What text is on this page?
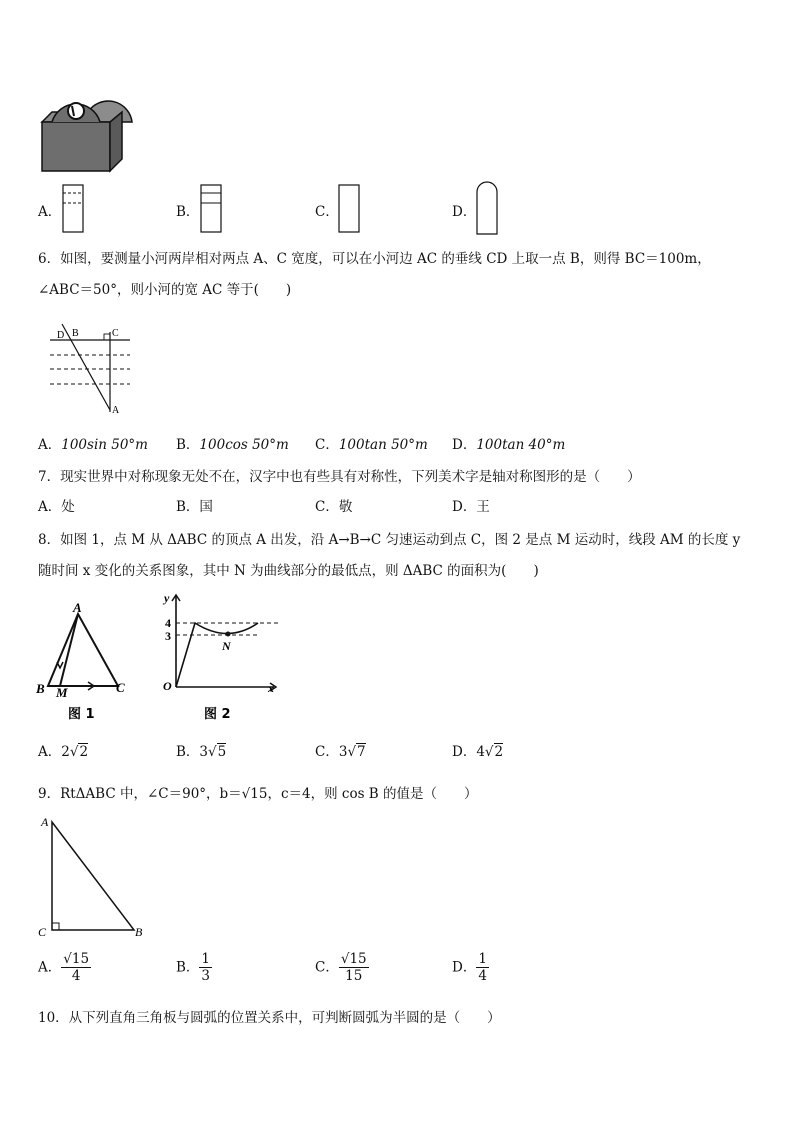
A．	B．	C．	D．
6．如图，要测量小河两岸相对两点 A、C 宽度，可以在小河边 AC 的垂线 CD 上取一点 B，则得 BC＝100m，
∠ABC＝50°，则小河的宽 AC 等于(　　)
D B	C
A
A．100sin 50°m B．100cos 50°m C．100tan 50°m D．100tan 40°m
7．现实世界中对称现象无处不在，汉字中也有些具有对称性，下列美术字是轴对称图形的是（　　）
A．处	B．国	C．敬	D．王
8．如图 1，点 M 从 ΔABC 的顶点 A 出发，沿 A→B→C 匀速运动到点 C，图 2 是点 M 运动时，线段 AM 的长度 y
随时间 x 变化的关系图象，其中 N 为曲线部分的最低点，则 ΔABC 的面积为(　　)
A
B M	C
图 1
y
x
O
4
3
N
图 2
A．2√2	B．3√5	C．3√7	D．4√2
9．RtΔABC 中，∠C＝90°，b＝√15，c＝4，则 cos B 的值是（　　）
A
C	B
A． $\frac{√15}{4}$	B． $\frac{1}{3}$	C． $\frac{√15}{15}$	D． $\frac{1}{4}$
10．从下列直角三角板与圆弧的位置关系中，可判断圆弧为半圆的是（　　）
